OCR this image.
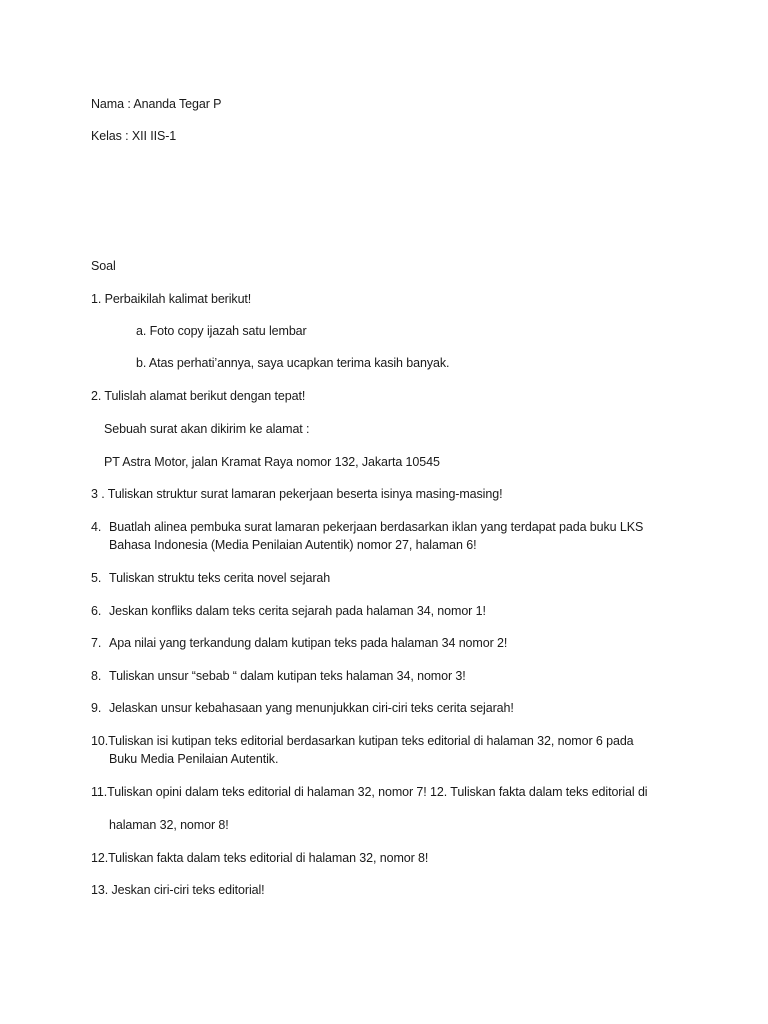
Nama : Ananda Tegar P
Kelas : XII IIS-1
Soal
1. Perbaikilah kalimat berikut!
a. Foto copy ijazah satu lembar
b. Atas perhati’annya, saya ucapkan terima kasih banyak.
2. Tulislah alamat berikut dengan tepat!
Sebuah surat akan dikirim ke alamat :
PT Astra Motor, jalan Kramat Raya nomor 132, Jakarta 10545
3 . Tuliskan struktur surat lamaran pekerjaan beserta isinya masing-masing!
4. Buatlah alinea pembuka surat lamaran pekerjaan berdasarkan iklan yang terdapat pada buku LKS
Bahasa Indonesia (Media Penilaian Autentik) nomor 27, halaman 6!
5. Tuliskan struktu teks cerita novel sejarah
6. Jeskan konfliks dalam teks cerita sejarah pada halaman 34, nomor 1!
7. Apa nilai yang terkandung dalam kutipan teks pada halaman 34 nomor 2!
8. Tuliskan unsur “sebab “ dalam kutipan teks halaman 34, nomor 3!
9. Jelaskan unsur kebahasaan yang menunjukkan ciri-ciri teks cerita sejarah!
10.Tuliskan isi kutipan teks editorial berdasarkan kutipan teks editorial di halaman 32, nomor 6 pada
Buku Media Penilaian Autentik.
11.Tuliskan opini dalam teks editorial di halaman 32, nomor 7! 12. Tuliskan fakta dalam teks editorial di
halaman 32, nomor 8!
12.Tuliskan fakta dalam teks editorial di halaman 32, nomor 8!
13. Jeskan ciri-ciri teks editorial!
